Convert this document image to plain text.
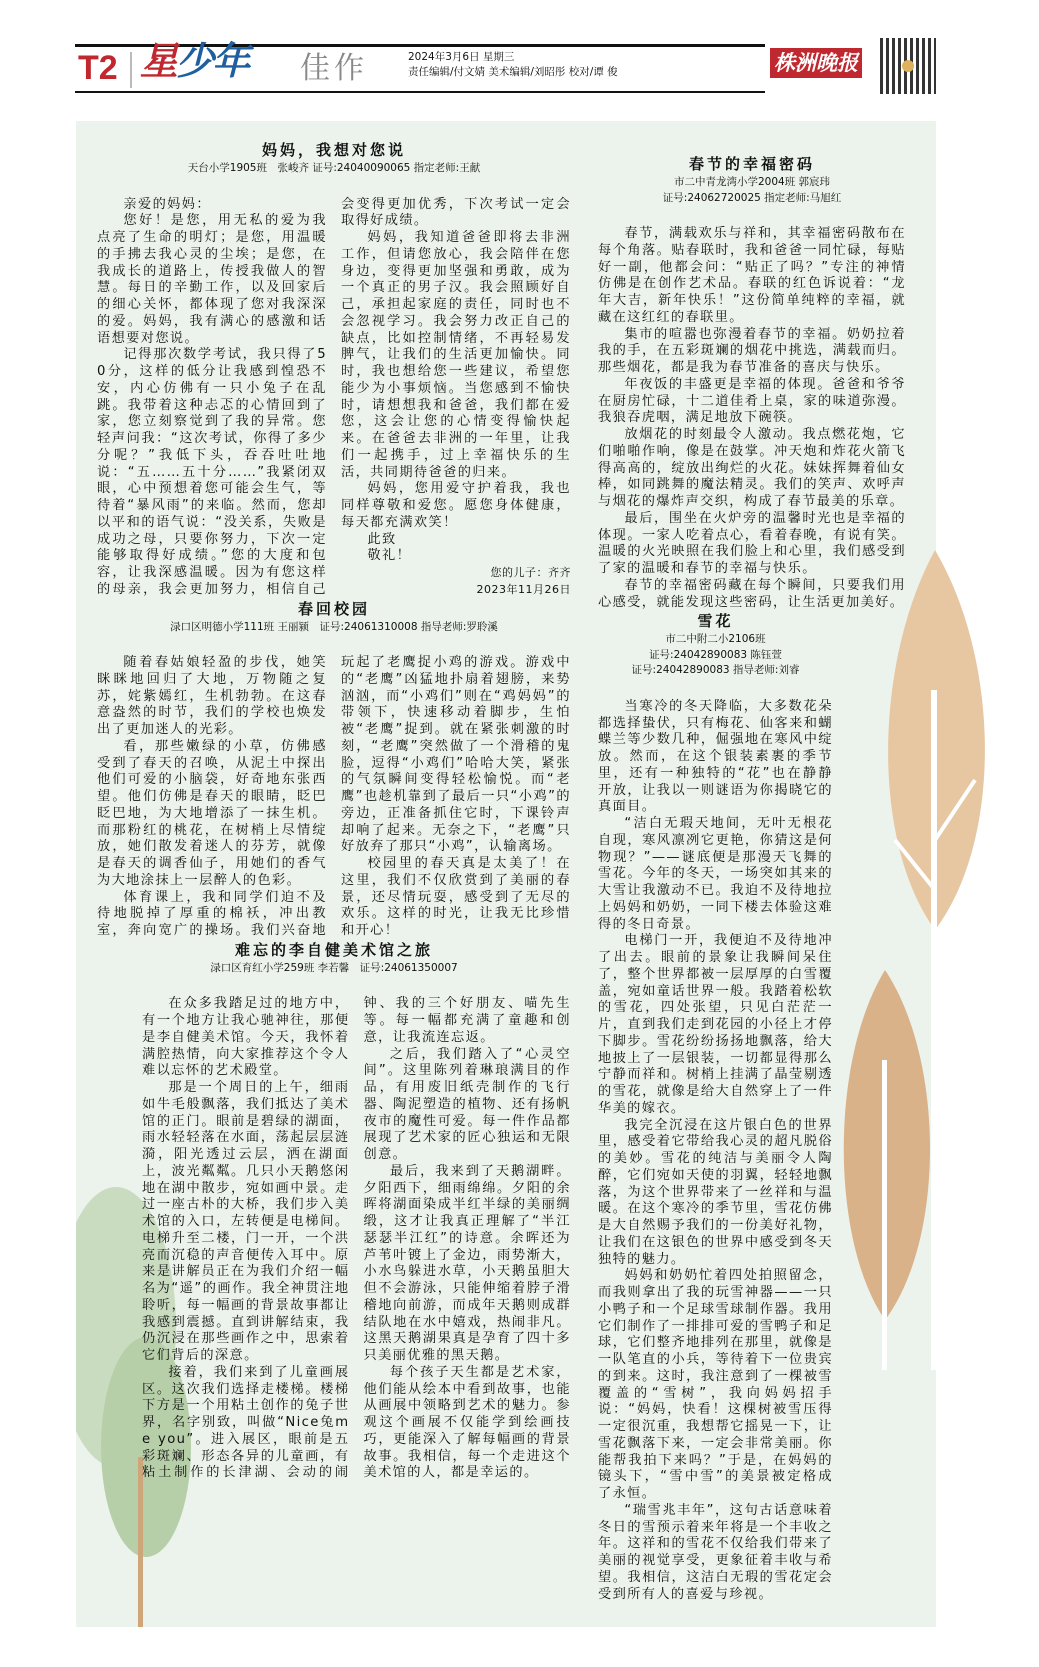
T2 星少年 佳作	2024年3月6日 星期三
责任编辑/付文婧 美术编辑/刘昭彤 校对/谭 俊	株洲晚报
妈妈，我想对您说
天台小学1905班　张峻齐 证号:24040090065 指定老师:王献

亲爱的妈妈：

您好！是您，用无私的爱为我点亮了生命的明灯；是您，用温暖的手拂去我心灵的尘埃；是您，在我成长的道路上，传授我做人的智慧。每日的辛勤工作，以及回家后的细心关怀，都体现了您对我深深的爱。妈妈，我有满心的感激和话语想要对您说。

记得那次数学考试，我只得了50分，这样的低分让我感到惶恐不安，内心仿佛有一只小兔子在乱跳。我带着这种忐忑的心情回到了家，您立刻察觉到了我的异常。您轻声问我：“这次考试，你得了多少分呢？”我低下头，吞吞吐吐地说：“五……五十分……”我紧闭双眼，心中预想着您可能会生气，等待着“暴风雨”的来临。然而，您却以平和的语气说：“没关系，失败是成功之母，只要你努力，下次一定能够取得好成绩。”您的大度和包容，让我深感温暖。因为有您这样的母亲，我会更加努力，相信自己会变得更加优秀，下次考试一定会取得好成绩。

妈妈，我知道爸爸即将去非洲工作，但请您放心，我会陪伴在您身边，变得更加坚强和勇敢，成为一个真正的男子汉。我会照顾好自己，承担起家庭的责任，同时也不会忽视学习。我会努力改正自己的缺点，比如控制情绪，不再轻易发脾气，让我们的生活更加愉快。同时，我也想给您一些建议，希望您能少为小事烦恼。当您感到不愉快时，请想想我和爸爸，我们都在爱您，这会让您的心情变得愉快起来。在爸爸去非洲的一年里，让我们一起携手，过上幸福快乐的生活，共同期待爸爸的归来。

妈妈，您用爱守护着我，我也同样尊敬和爱您。愿您身体健康，每天都充满欢笑！

此致

敬礼！

您的儿子：齐齐

2023年11月26日

春回校园
渌口区明德小学111班 王丽颍　证号:24061310008 指导老师:罗聆溪

随着春姑娘轻盈的步伐，她笑眯眯地回归了大地，万物随之复苏，姹紫嫣红，生机勃勃。在这春意盎然的时节，我们的学校也焕发出了更加迷人的光彩。

看，那些嫩绿的小草，仿佛感受到了春天的召唤，从泥土中探出他们可爱的小脑袋，好奇地东张西望。他们仿佛是春天的眼睛，眨巴眨巴地，为大地增添了一抹生机。而那粉红的桃花，在树梢上尽情绽放，她们散发着迷人的芬芳，就像是春天的调香仙子，用她们的香气为大地涂抹上一层醉人的色彩。

体育课上，我和同学们迫不及待地脱掉了厚重的棉袄，冲出教室，奔向宽广的操场。我们兴奋地玩起了老鹰捉小鸡的游戏。游戏中的“老鹰”凶猛地扑扇着翅膀，来势汹汹，而“小鸡们”则在“鸡妈妈”的带领下，快速移动着脚步，生怕被“老鹰”捉到。就在紧张刺激的时刻，“老鹰”突然做了一个滑稽的鬼脸，逗得“小鸡们”哈哈大笑，紧张的气氛瞬间变得轻松愉悦。而“老鹰”也趁机靠到了最后一只“小鸡”的旁边，正准备抓住它时，下课铃声却响了起来。无奈之下，“老鹰”只好放弃了那只“小鸡”，认输离场。

校园里的春天真是太美了！在这里，我们不仅欣赏到了美丽的春景，还尽情玩耍，感受到了无尽的欢乐。这样的时光，让我无比珍惜和开心！

难忘的李自健美术馆之旅
渌口区育红小学259班 李若馨　证号:24061350007

在众多我踏足过的地方中，有一个地方让我心驰神往，那便是李自健美术馆。今天，我怀着满腔热情，向大家推荐这个令人难以忘怀的艺术殿堂。

那是一个周日的上午，细雨如牛毛般飘落，我们抵达了美术馆的正门。眼前是碧绿的湖面，雨水轻轻落在水面，荡起层层涟漪，阳光透过云层，洒在湖面上，波光粼粼。几只小天鹅悠闲地在湖中散步，宛如画中景。走过一座古朴的大桥，我们步入美术馆的入口，左转便是电梯间。电梯升至二楼，门一开，一个洪亮而沉稳的声音便传入耳中。原来是讲解员正在为我们介绍一幅名为“遥”的画作。我全神贯注地聆听，每一幅画的背景故事都让我感到震撼。直到讲解结束，我仍沉浸在那些画作之中，思索着它们背后的深意。

接着，我们来到了儿童画展区。这次我们选择走楼梯。楼梯下方是一个用粘土创作的兔子世界，名字别致，叫做“Nice兔me you”。进入展区，眼前是五彩斑斓、形态各异的儿童画，有粘土制作的长津湖、会动的闹钟、我的三个好朋友、喵先生等。每一幅都充满了童趣和创意，让我流连忘返。

之后，我们踏入了“心灵空间”。这里陈列着琳琅满目的作品，有用废旧纸壳制作的飞行器、陶泥塑造的植物、还有扬帆夜市的魔性可爱。每一件作品都展现了艺术家的匠心独运和无限创意。

最后，我来到了天鹅湖畔。夕阳西下，细雨绵绵。夕阳的余晖将湖面染成半红半绿的美丽绸缎，这才让我真正理解了“半江瑟瑟半江红”的诗意。余晖还为芦苇叶镀上了金边，雨势渐大，小水鸟躲进水草，小天鹅虽胆大但不会游泳，只能伸缩着脖子滑稽地向前游，而成年天鹅则成群结队地在水中嬉戏，热闹非凡。这黑天鹅湖果真是孕育了四十多只美丽优雅的黑天鹅。

每个孩子天生都是艺术家，他们能从绘本中看到故事，也能从画展中领略到艺术的魅力。参观这个画展不仅能学到绘画技巧，更能深入了解每幅画的背景故事。我相信，每一个走进这个美术馆的人，都是幸运的。

春节的幸福密码
市二中青龙湾小学2004班 郭宸玮
证号:24062720025 指定老师:马旭红

春节，满载欢乐与祥和，其幸福密码散布在每个角落。贴春联时，我和爸爸一同忙碌，每贴好一副，他都会问：“贴正了吗？”专注的神情仿佛是在创作艺术品。春联的红色诉说着：“龙年大吉，新年快乐！”这份简单纯粹的幸福，就藏在这红红的春联里。

集市的喧嚣也弥漫着春节的幸福。奶奶拉着我的手，在五彩斑斓的烟花中挑选，满载而归。那些烟花，都是我为春节准备的喜庆与快乐。

年夜饭的丰盛更是幸福的体现。爸爸和爷爷在厨房忙碌，十二道佳肴上桌，家的味道弥漫。我狼吞虎咽，满足地放下碗筷。

放烟花的时刻最令人激动。我点燃花炮，它们啪啪作响，像是在鼓掌。冲天炮和炸花火箭飞得高高的，绽放出绚烂的火花。妹妹挥舞着仙女棒，如同跳舞的魔法精灵。我们的笑声、欢呼声与烟花的爆炸声交织，构成了春节最美的乐章。

最后，围坐在火炉旁的温馨时光也是幸福的体现。一家人吃着点心，看着春晚，有说有笑。温暖的火光映照在我们脸上和心里，我们感受到了家的温暖和春节的幸福与快乐。

春节的幸福密码藏在每个瞬间，只要我们用心感受，就能发现这些密码，让生活更加美好。

雪花
市二中附二小2106班
证号:24042890083 陈钰萱
证号:24042890083 指导老师:刘睿

当寒冷的冬天降临，大多数花朵都选择蛰伏，只有梅花、仙客来和蝴蝶兰等少数几种，倔强地在寒风中绽放。然而，在这个银装素裹的季节里，还有一种独特的“花”也在静静开放，让我以一则谜语为你揭晓它的真面目。

“洁白无瑕天地间，无叶无根花自现，寒风凛冽它更艳，你猜这是何物现？”——谜底便是那漫天飞舞的雪花。今年的冬天，一场突如其来的大雪让我激动不已。我迫不及待地拉上妈妈和奶奶，一同下楼去体验这难得的冬日奇景。

电梯门一开，我便迫不及待地冲了出去。眼前的景象让我瞬间呆住了，整个世界都被一层厚厚的白雪覆盖，宛如童话世界一般。我踏着松软的雪花，四处张望，只见白茫茫一片，直到我们走到花园的小径上才停下脚步。雪花纷纷扬扬地飘落，给大地披上了一层银装，一切都显得那么宁静而祥和。树梢上挂满了晶莹剔透的雪花，就像是给大自然穿上了一件华美的嫁衣。

我完全沉浸在这片银白色的世界里，感受着它带给我心灵的超凡脱俗的美妙。雪花的纯洁与美丽令人陶醉，它们宛如天使的羽翼，轻轻地飘落，为这个世界带来了一丝祥和与温暖。在这个寒冷的季节里，雪花仿佛是大自然赐予我们的一份美好礼物，让我们在这银色的世界中感受到冬天独特的魅力。

妈妈和奶奶忙着四处拍照留念，而我则拿出了我的玩雪神器——一只小鸭子和一个足球雪球制作器。我用它们制作了一排排可爱的雪鸭子和足球，它们整齐地排列在那里，就像是一队笔直的小兵，等待着下一位贵宾的到来。这时，我注意到了一棵被雪覆盖的“雪树”，我向妈妈招手说：“妈妈，快看！这棵树被雪压得一定很沉重，我想帮它摇晃一下，让雪花飘落下来，一定会非常美丽。你能帮我拍下来吗？”于是，在妈妈的镜头下，“雪中雪”的美景被定格成了永恒。

“瑞雪兆丰年”，这句古话意味着冬日的雪预示着来年将是一个丰收之年。这祥和的雪花不仅给我们带来了美丽的视觉享受，更象征着丰收与希望。我相信，这洁白无瑕的雪花定会受到所有人的喜爱与珍视。
